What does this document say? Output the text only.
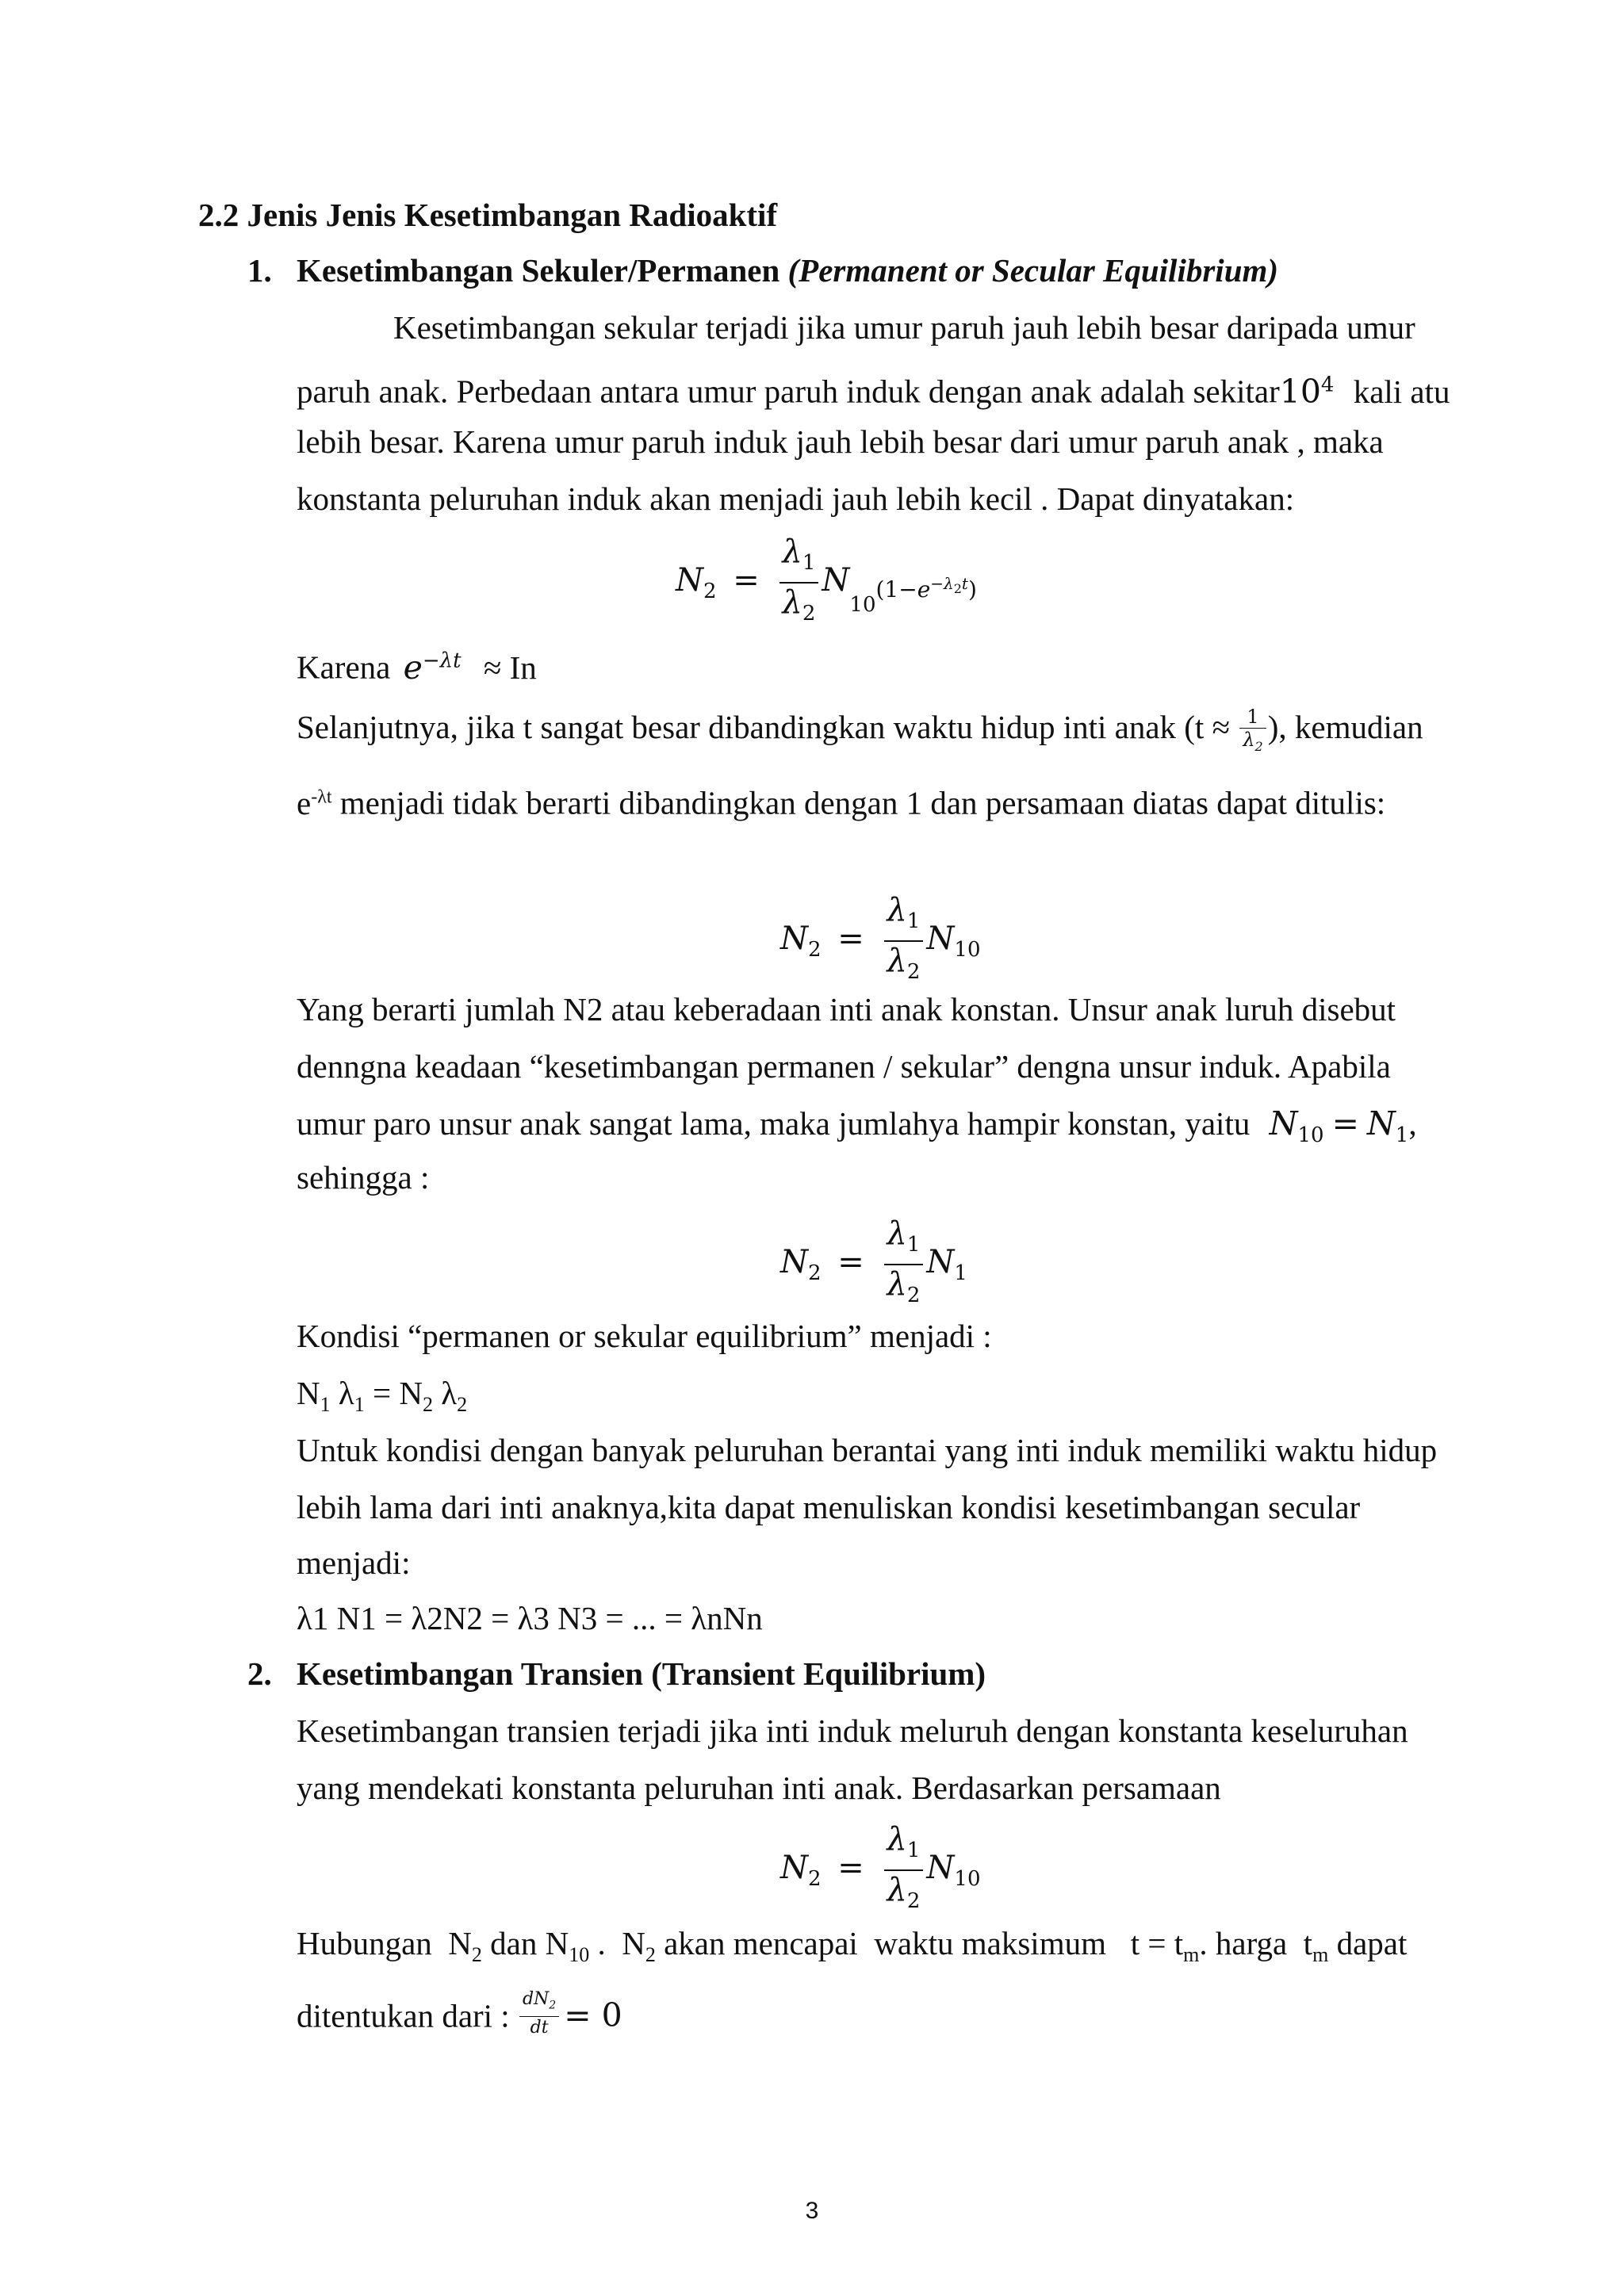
2.2 Jenis Jenis Kesetimbangan Radioaktif
1. Kesetimbangan Sekuler/Permanen (Permanent or Secular Equilibrium)
Kesetimbangan sekular terjadi jika umur paruh jauh lebih besar daripada umur
paruh anak. Perbedaan antara umur paruh induk dengan anak adalah $sekitar10^4$ kali atu
lebih besar. Karena umur paruh induk jauh lebih besar dari umur paruh anak , maka
konstanta peluruhan induk akan menjadi jauh lebih kecil . Dapat dinyatakan:
$N_2 = \frac{\lambda_1}{\lambda_2} N_{10(1-e^{-\lambda_2t})}$
Karena $e^{-\lambda t} \approx In$
Selanjutnya, jika t sangat besar dibandingkan waktu hidup inti anak ($t \approx \frac{1}{\lambda_2}$ ), kemudian
$e^{-\lambda t}$ menjadi tidak berarti dibandingkan dengan 1 dan persamaan diatas dapat ditulis:
$N_2 = \frac{\lambda_1}{\lambda_2} N_{10}$
Yang berarti jumlah N2 atau keberadaan inti anak konstan. Unsur anak luruh disebut
denngna keadaan “kesetimbangan permanen / sekular” dengna unsur induk. Apabila
umur paro unsur anak sangat lama, maka jumlahya hampir konstan, yaitu $N_{10} = N_1$,
sehingga :
$N_2 = \frac{\lambda_1}{\lambda_2} N_1$
Kondisi “permanen or sekular equilibrium” menjadi :
$N_1$ $\lambda_1 = N_2$ $\lambda_2$
Untuk kondisi dengan banyak peluruhan berantai yang inti induk memiliki waktu hidup
lebih lama dari inti anaknya,kita dapat menuliskan kondisi kesetimbangan secular
menjadi:
λ1 N1 = λ2N2 = λ3 N3 = ... = λnNn
2. Kesetimbangan Transien (Transient Equilibrium)
Kesetimbangan transien terjadi jika inti induk meluruh dengan konstanta keseluruhan
yang mendekati konstanta peluruhan inti anak. Berdasarkan persamaan
$N_2 = \frac{\lambda_1}{\lambda_2} N_{10}$
Hubungan  $N_2$ dan $N_{10}$ .  $N_2$ akan mencapai  waktu maksimum   $t = t_m$. harga  $t_m$ dapat
ditentukan dari : $\frac{dN_2}{dt} = 0$
3
